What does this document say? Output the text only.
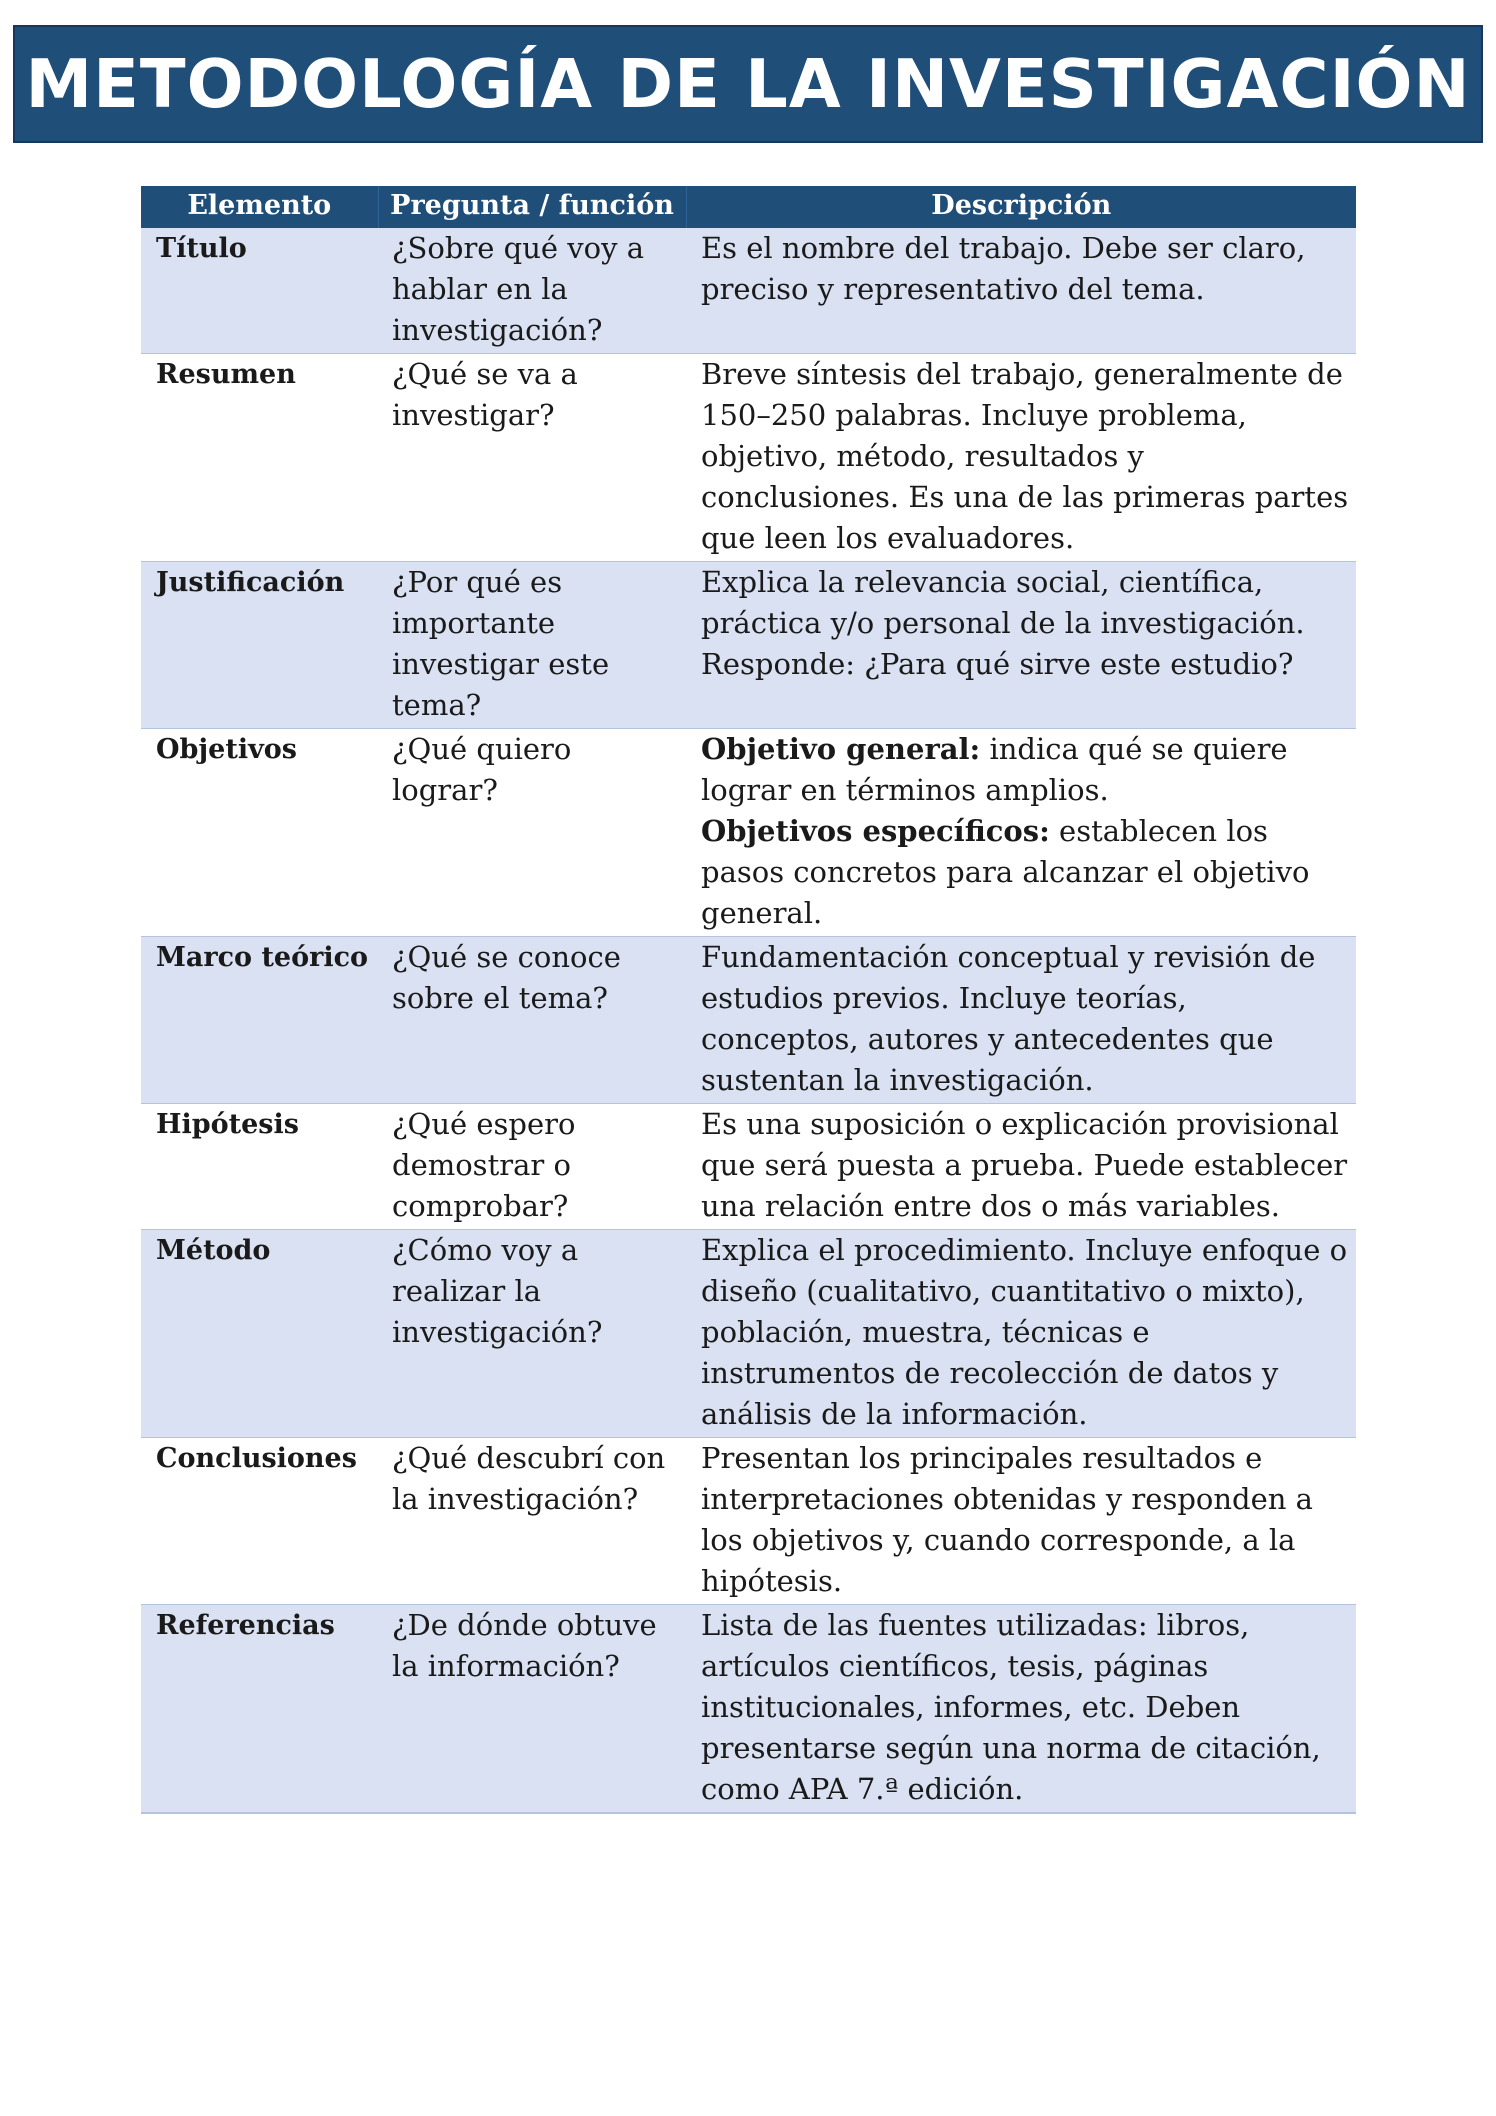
METODOLOGÍA DE LA INVESTIGACIÓN
Elemento	Pregunta / función	Descripción
Título	¿Sobre qué voy a hablar en la investigación?	Es el nombre del trabajo. Debe ser claro, preciso y representativo del tema.
Resumen	¿Qué se va a investigar?	Breve síntesis del trabajo, generalmente de 150–250 palabras. Incluye problema, objetivo, método, resultados y conclusiones. Es una de las primeras partes que leen los evaluadores.
Justificación	¿Por qué es importante investigar este tema?	Explica la relevancia social, científica, práctica y/o personal de la investigación. Responde: ¿Para qué sirve este estudio?
Objetivos	¿Qué quiero lograr?	Objetivo general: indica qué se quiere lograr en términos amplios.
Objetivos específicos: establecen los pasos concretos para alcanzar el objetivo general.

Marco teórico	¿Qué se conoce sobre el tema?	Fundamentación conceptual y revisión de estudios previos. Incluye teorías, conceptos, autores y antecedentes que sustentan la investigación.
Hipótesis	¿Qué espero demostrar o comprobar?	Es una suposición o explicación provisional que será puesta a prueba. Puede establecer una relación entre dos o más variables.
Método	¿Cómo voy a realizar la investigación?	Explica el procedimiento. Incluye enfoque o diseño (cualitativo, cuantitativo o mixto), población, muestra, técnicas e instrumentos de recolección de datos y análisis de la información.
Conclusiones	¿Qué descubrí con la investigación?	Presentan los principales resultados e interpretaciones obtenidas y responden a los objetivos y, cuando corresponde, a la hipótesis.
Referencias	¿De dónde obtuve la información?	Lista de las fuentes utilizadas: libros, artículos científicos, tesis, páginas institucionales, informes, etc. Deben presentarse según una norma de citación, como APA 7.ª edición.
